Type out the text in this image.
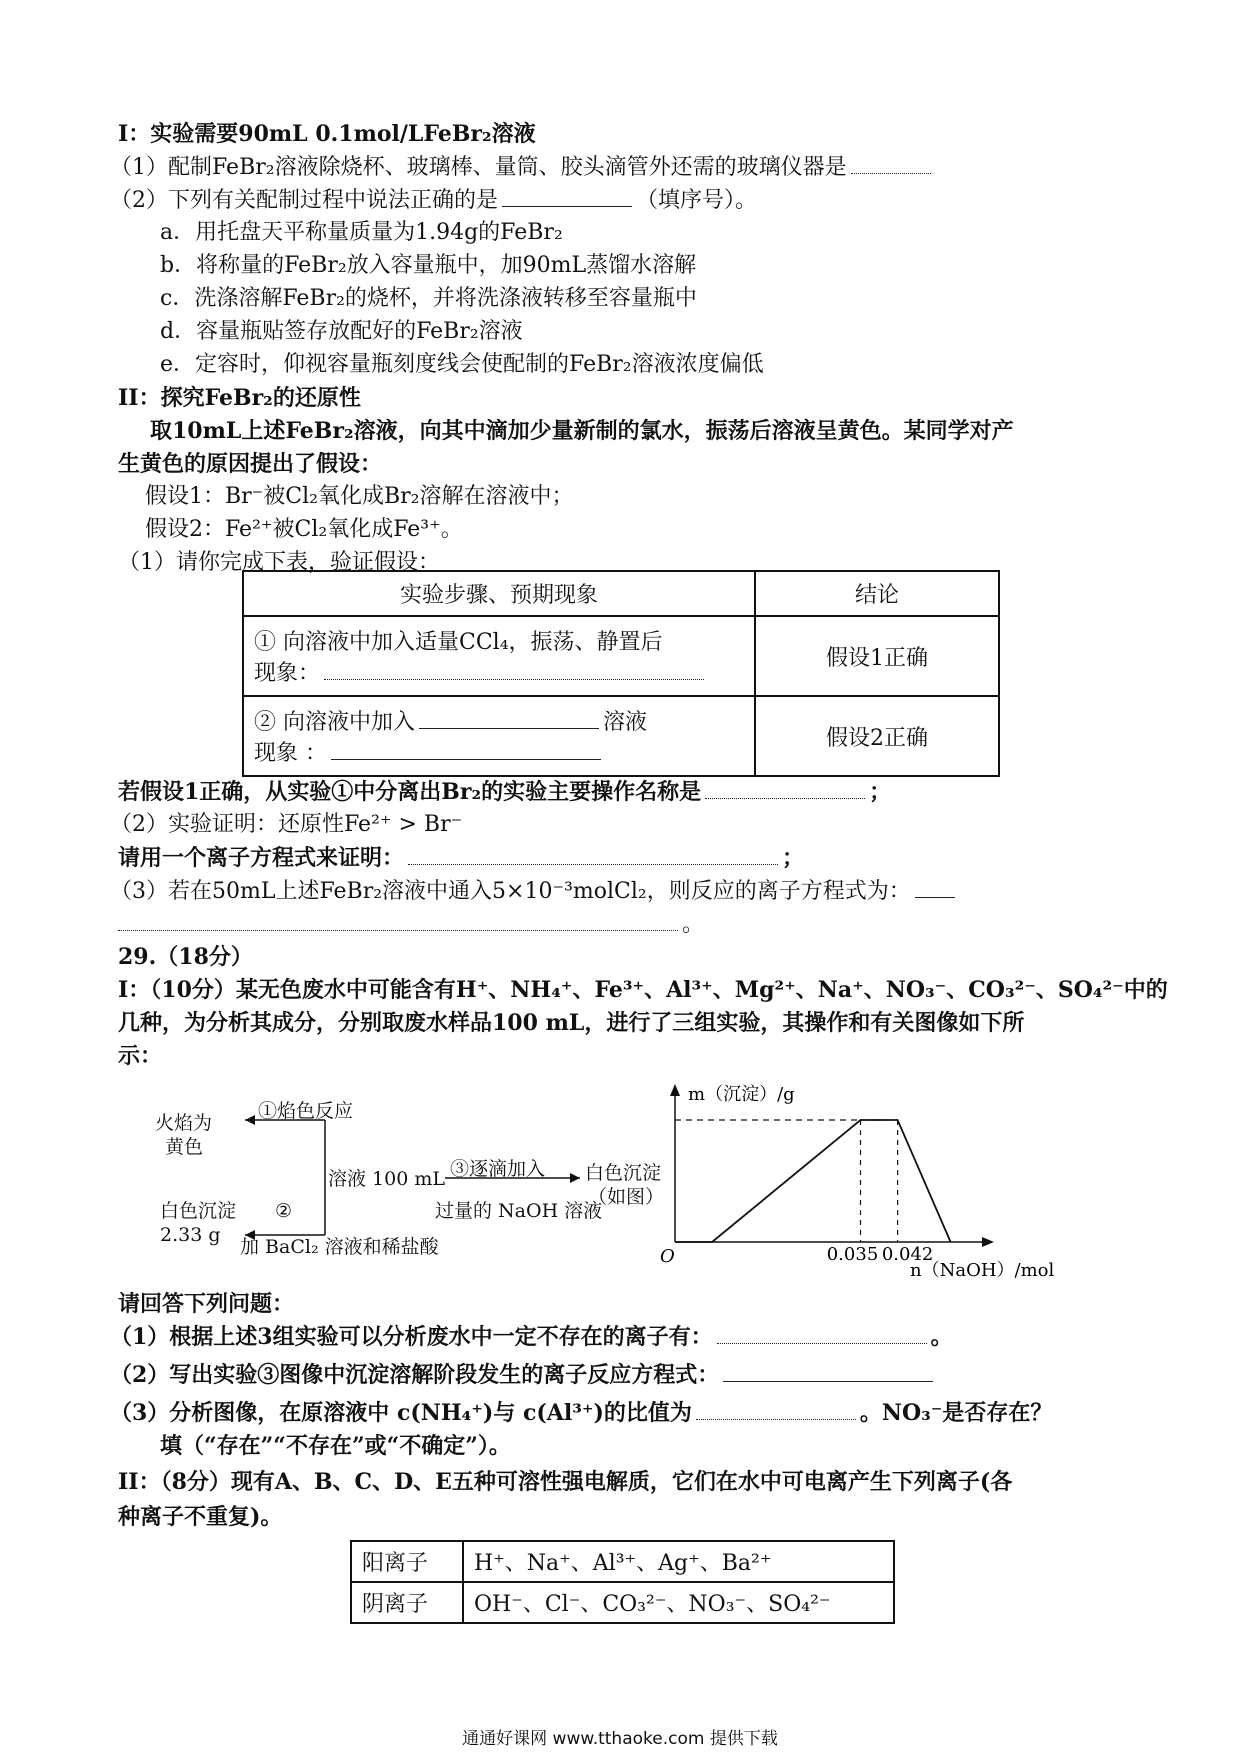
I：实验需要90mL 0.1mol/LFeBr₂溶液
（1）配制FeBr₂溶液除烧杯、玻璃棒、量筒、胶头滴管外还需的玻璃仪器是
（2）下列有关配制过程中说法正确的是	（填序号）。
a．用托盘天平称量质量为1.94g的FeBr₂
b．将称量的FeBr₂放入容量瓶中，加90mL蒸馏水溶解
c．洗涤溶解FeBr₂的烧杯，并将洗涤液转移至容量瓶中
d．容量瓶贴签存放配好的FeBr₂溶液
e．定容时，仰视容量瓶刻度线会使配制的FeBr₂溶液浓度偏低
II：探究FeBr₂的还原性
取10mL上述FeBr₂溶液，向其中滴加少量新制的氯水，振荡后溶液呈黄色。某同学对产
生黄色的原因提出了假设：
假设1：Br⁻被Cl₂氧化成Br₂溶解在溶液中；
假设2：Fe²⁺被Cl₂氧化成Fe³⁺。
（1）请你完成下表，验证假设：
实验步骤、预期现象	结论

① 向溶液中加入适量CCl₄，振荡、静置后
现象：	假设1正确

② 向溶液中加入 溶液
现象 ：	假设2正确
若假设1正确，从实验①中分离出Br₂的实验主要操作名称是	；
（2）实验证明：还原性Fe²⁺ > Br⁻
请用一个离子方程式来证明：	；
（3）若在50mL上述FeBr₂溶液中通入5×10⁻³molCl₂，则反应的离子方程式为：
。
29.（18分）
I：（10分）某无色废水中可能含有H⁺、NH₄⁺、Fe³⁺、Al³⁺、Mg²⁺、Na⁺、NO₃⁻、CO₃²⁻、SO₄²⁻中的
几种，为分析其成分，分别取废水样品100 mL，进行了三组实验，其操作和有关图像如下所
示：
火焰为
黄色
①焰色反应
溶液 100 mL ③逐滴加入
过量的 NaOH 溶液
白色沉淀
（如图）
②
白色沉淀
2.33 g
加 BaCl₂ 溶液和稀盐酸
m（沉淀）/g
O	0.035 0.042
n（NaOH）/mol
请回答下列问题：
（1）根据上述3组实验可以分析废水中一定不存在的离子有：	。
（2）写出实验③图像中沉淀溶解阶段发生的离子反应方程式：
（3）分析图像，在原溶液中 c(NH₄⁺)与 c(Al³⁺)的比值为	。NO₃⁻是否存在？
填（“存在”“不存在”或“不确定”）。
II：（8分）现有A、B、C、D、E五种可溶性强电解质，它们在水中可电离产生下列离子(各
种离子不重复)。
阳离子	H⁺、Na⁺、Al³⁺、Ag⁺、Ba²⁺
阴离子	OH⁻、Cl⁻、CO₃²⁻、NO₃⁻、SO₄²⁻
通通好课网 www.tthaoke.com 提供下载
